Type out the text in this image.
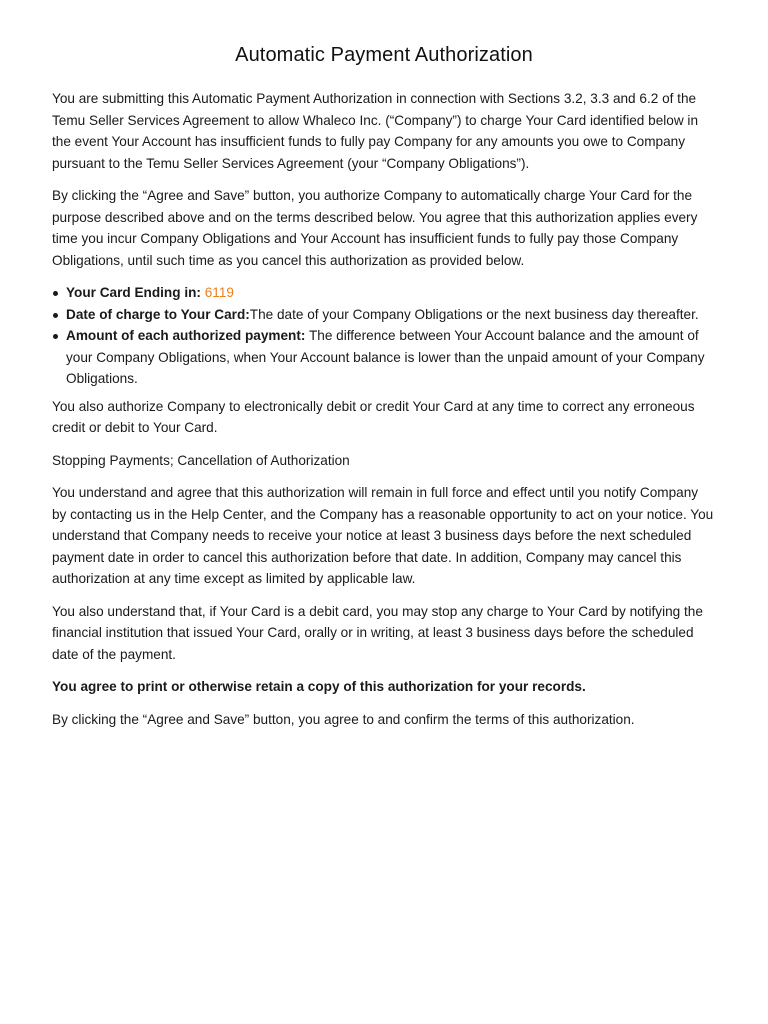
Automatic Payment Authorization

You are submitting this Automatic Payment Authorization in connection with Sections 3.2, 3.3 and 6.2 of the Temu Seller Services Agreement to allow Whaleco Inc. (“Company”) to charge Your Card identified below in the event Your Account has insufficient funds to fully pay Company for any amounts you owe to Company pursuant to the Temu Seller Services Agreement (your “Company Obligations”).

By clicking the “Agree and Save” button, you authorize Company to automatically charge Your Card for the purpose described above and on the terms described below. You agree that this authorization applies every time you incur Company Obligations and Your Account has insufficient funds to fully pay those Company Obligations, until such time as you cancel this authorization as provided below.

Your Card Ending in: 6119
Date of charge to Your Card:The date of your Company Obligations or the next business day thereafter.
Amount of each authorized payment: The difference between Your Account balance and the amount of your Company Obligations, when Your Account balance is lower than the unpaid amount of your Company Obligations.

You also authorize Company to electronically debit or credit Your Card at any time to correct any erroneous credit or debit to Your Card.

Stopping Payments; Cancellation of Authorization

You understand and agree that this authorization will remain in full force and effect until you notify Company by contacting us in the Help Center, and the Company has a reasonable opportunity to act on your notice. You understand that Company needs to receive your notice at least 3 business days before the next scheduled payment date in order to cancel this authorization before that date. In addition, Company may cancel this authorization at any time except as limited by applicable law.

You also understand that, if Your Card is a debit card, you may stop any charge to Your Card by notifying the financial institution that issued Your Card, orally or in writing, at least 3 business days before the scheduled date of the payment.

You agree to print or otherwise retain a copy of this authorization for your records.

By clicking the “Agree and Save” button, you agree to and confirm the terms of this authorization.
